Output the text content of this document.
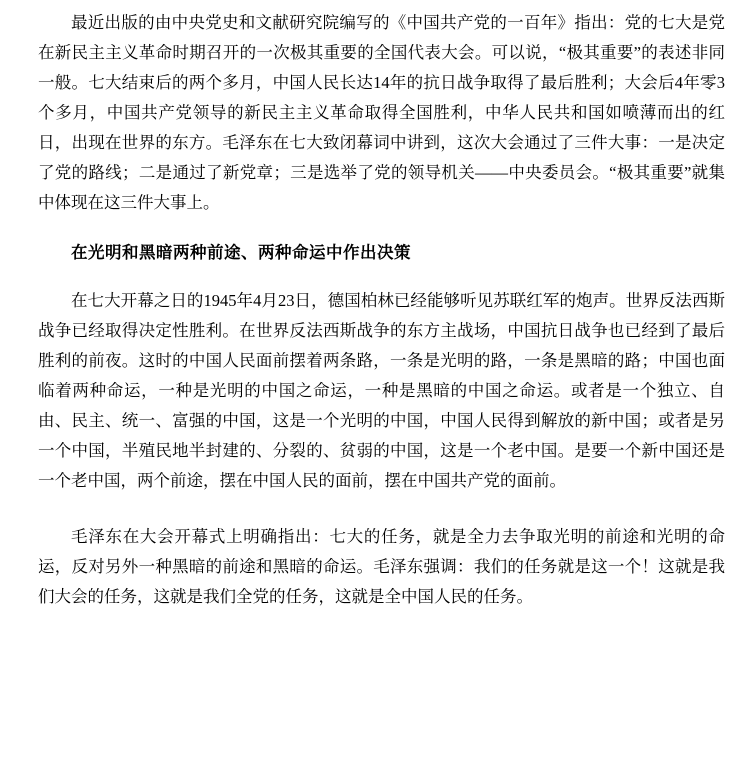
最近出版的由中央党史和文献研究院编写的《中国共产党的一百年》指出：党的七大是党在新民主主义革命时期召开的一次极其重要的全国代表大会。可以说，“极其重要”的表述非同一般。七大结束后的两个多月，中国人民长达14年的抗日战争取得了最后胜利；大会后4年零3个多月，中国共产党领导的新民主主义革命取得全国胜利，中华人民共和国如喷薄而出的红日，出现在世界的东方。毛泽东在七大致闭幕词中讲到，这次大会通过了三件大事：一是决定了党的路线；二是通过了新党章；三是选举了党的领导机关——中央委员会。“极其重要”就集中体现在这三件大事上。

在光明和黑暗两种前途、两种命运中作出决策

在七大开幕之日的1945年4月23日，德国柏林已经能够听见苏联红军的炮声。世界反法西斯战争已经取得决定性胜利。在世界反法西斯战争的东方主战场，中国抗日战争也已经到了最后胜利的前夜。这时的中国人民面前摆着两条路，一条是光明的路，一条是黑暗的路；中国也面临着两种命运，一种是光明的中国之命运，一种是黑暗的中国之命运。或者是一个独立、自由、民主、统一、富强的中国，这是一个光明的中国，中国人民得到解放的新中国；或者是另一个中国，半殖民地半封建的、分裂的、贫弱的中国，这是一个老中国。是要一个新中国还是一个老中国，两个前途，摆在中国人民的面前，摆在中国共产党的面前。

毛泽东在大会开幕式上明确指出：七大的任务，就是全力去争取光明的前途和光明的命运，反对另外一种黑暗的前途和黑暗的命运。毛泽东强调：我们的任务就是这一个！这就是我们大会的任务，这就是我们全党的任务，这就是全中国人民的任务。
